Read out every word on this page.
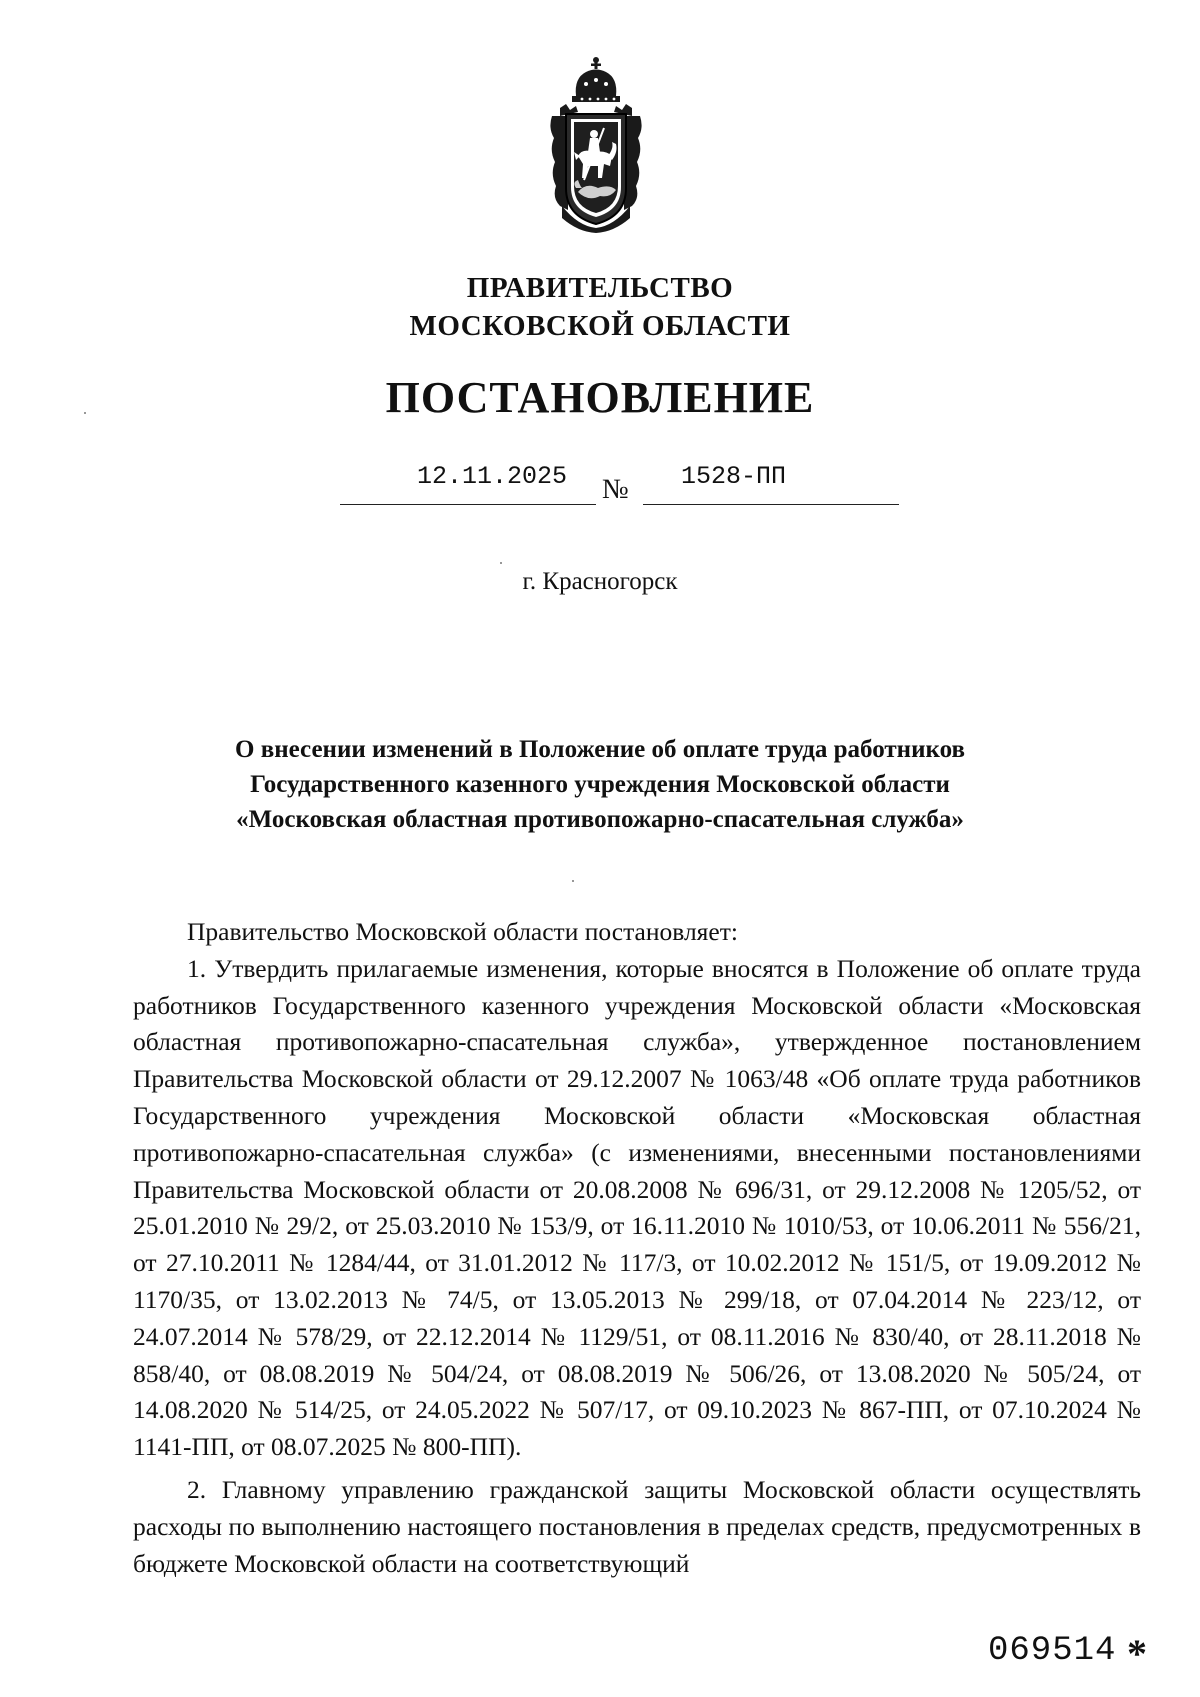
ПРАВИТЕЛЬСТВО
МОСКОВСКОЙ ОБЛАСТИ
ПОСТАНОВЛЕНИЕ
12.11.2025 № 1528-ПП
г. Красногорск
О внесении изменений в Положение об оплате труда работников
Государственного казенного учреждения Московской области
«Московская областная противопожарно-спасательная служба»

Правительство Московской области постановляет:

1. Утвердить прилагаемые изменения, которые вносятся в Положение об оплате труда работников Государственного казенного учреждения Московской области «Московская областная противопожарно-спасательная служба», утвержденное постановлением Правительства Московской области от 29.12.2007 № 1063/48 «Об оплате труда работников Государственного учреждения Московской области «Московская областная противопожарно-спасательная служба» (с изменениями, внесенными постановлениями Правительства Московской области от 20.08.2008 № 696/31, от 29.12.2008 № 1205/52, от 25.01.2010 № 29/2, от 25.03.2010 № 153/9, от 16.11.2010 № 1010/53, от 10.06.2011 № 556/21, от 27.10.2011 № 1284/44, от 31.01.2012 № 117/3, от 10.02.2012 № 151/5, от 19.09.2012 № 1170/35, от 13.02.2013 № 74/5, от 13.05.2013 № 299/18, от 07.04.2014 № 223/12, от 24.07.2014 № 578/29, от 22.12.2014 № 1129/51, от 08.11.2016 № 830/40, от 28.11.2018 № 858/40, от 08.08.2019 № 504/24, от 08.08.2019 № 506/26, от 13.08.2020 № 505/24, от 14.08.2020 № 514/25, от 24.05.2022 № 507/17, от 09.10.2023 № 867-ПП, от 07.10.2024 № 1141-ПП, от 08.07.2025 № 800-ПП).

2. Главному управлению гражданской защиты Московской области осуществлять расходы по выполнению настоящего постановления в пределах средств, предусмотренных в бюджете Московской области на соответствующий

069514 *
